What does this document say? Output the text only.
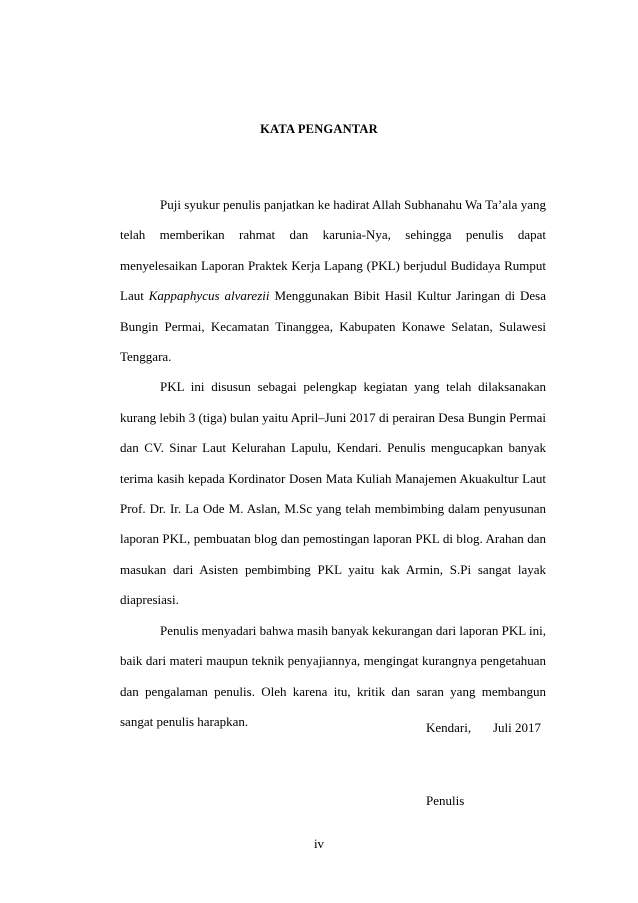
KATA PENGANTAR

Puji syukur penulis panjatkan ke hadirat Allah Subhanahu Wa Ta’ala yang telah memberikan rahmat dan karunia-Nya, sehingga penulis dapat menyelesaikan Laporan Praktek Kerja Lapang (PKL) berjudul Budidaya Rumput Laut Kappaphycus alvarezii Menggunakan Bibit Hasil Kultur Jaringan di Desa Bungin Permai, Kecamatan Tinanggea, Kabupaten Konawe Selatan, Sulawesi Tenggara.

PKL ini disusun sebagai pelengkap kegiatan yang telah dilaksanakan kurang lebih 3 (tiga) bulan yaitu April–Juni 2017 di perairan Desa Bungin Permai dan CV. Sinar Laut Kelurahan Lapulu, Kendari. Penulis mengucapkan banyak terima kasih kepada Kordinator Dosen Mata Kuliah Manajemen Akuakultur Laut Prof. Dr. Ir. La Ode M. Aslan, M.Sc yang telah membimbing dalam penyusunan laporan PKL, pembuatan blog dan pemostingan laporan PKL di blog. Arahan dan masukan dari Asisten pembimbing PKL yaitu kak Armin, S.Pi sangat layak diapresiasi.

Penulis menyadari bahwa masih banyak kekurangan dari laporan PKL ini, baik dari materi maupun teknik penyajiannya, mengingat kurangnya pengetahuan dan pengalaman penulis. Oleh karena itu, kritik dan saran yang membangun sangat penulis harapkan.	Kendari, Juli 2017
Penulis

iv
